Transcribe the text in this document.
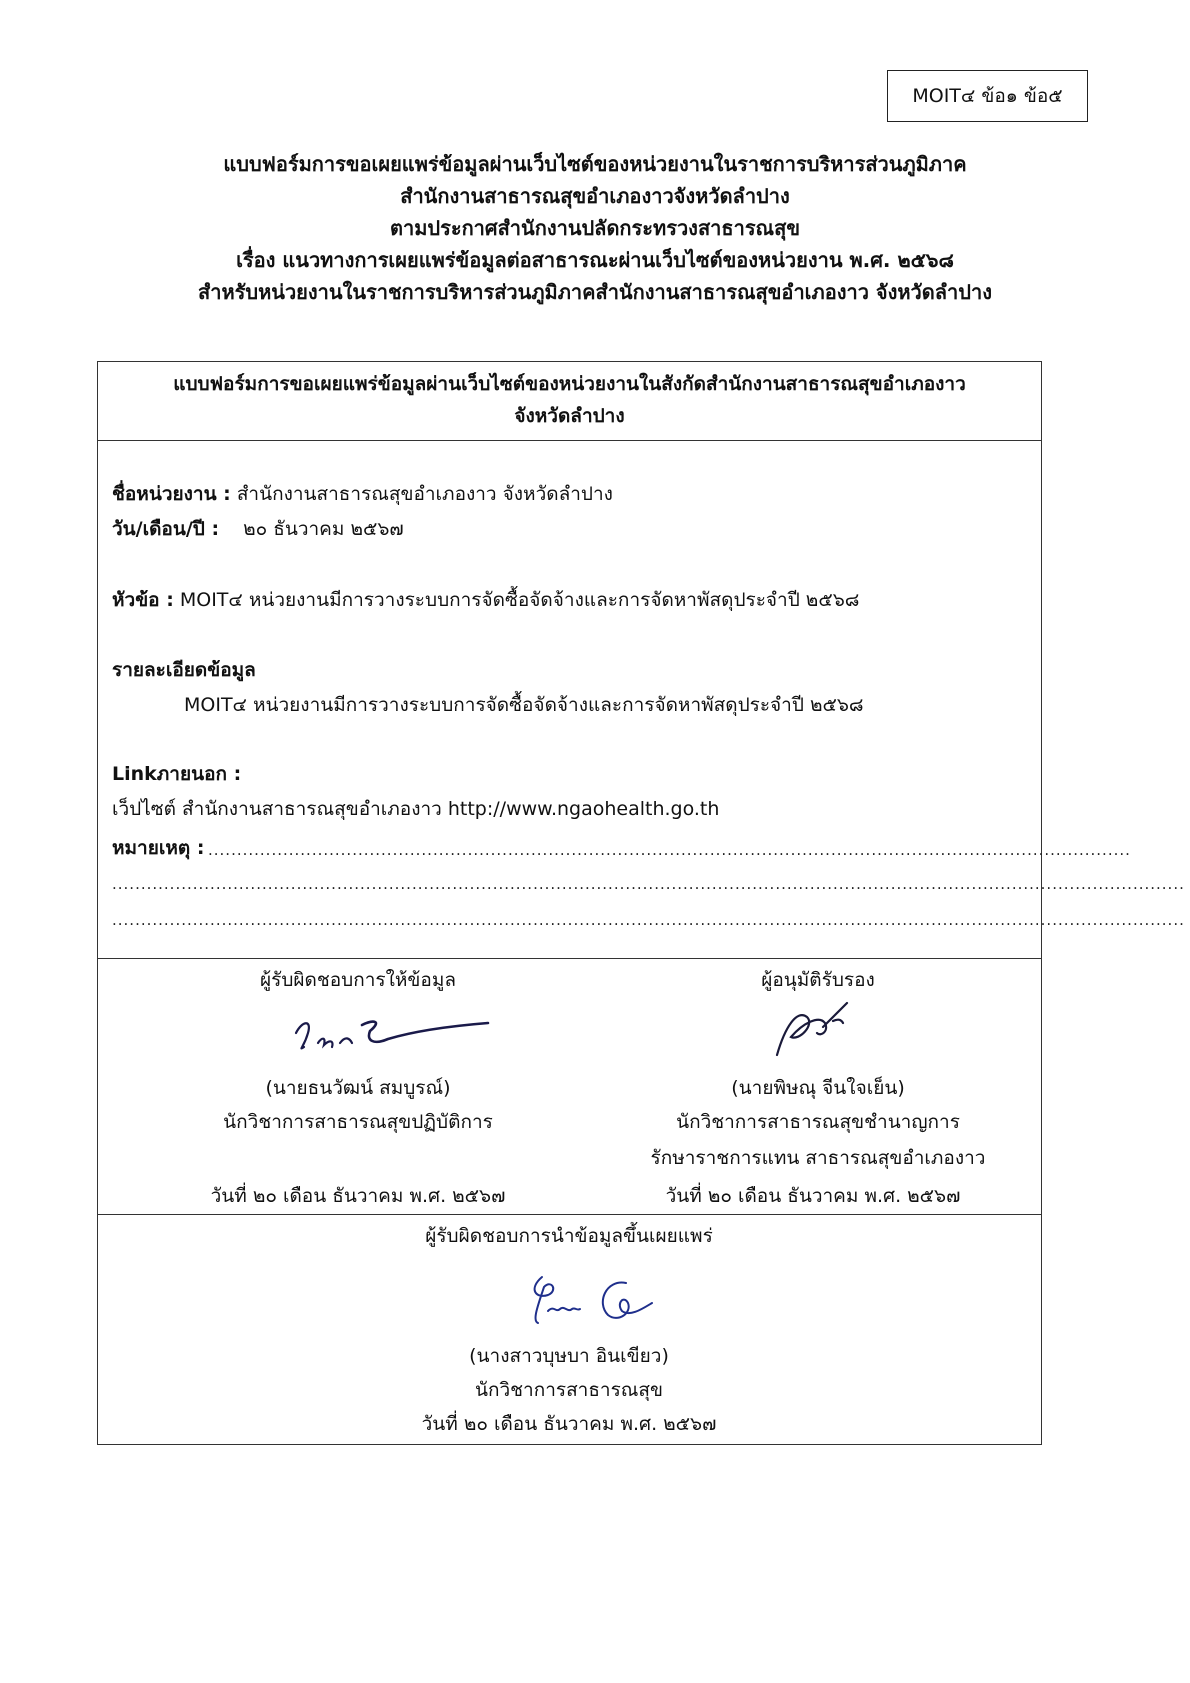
MOIT๔ ข้อ๑ ข้อ๕
แบบฟอร์มการขอเผยแพร่ข้อมูลผ่านเว็บไซต์ของหน่วยงานในราชการบริหารส่วนภูมิภาค
สำนักงานสาธารณสุขอำเภองาวจังหวัดลำปาง
ตามประกาศสำนักงานปลัดกระทรวงสาธารณสุข
เรื่อง แนวทางการเผยแพร่ข้อมูลต่อสาธารณะผ่านเว็บไซต์ของหน่วยงาน พ.ศ. ๒๕๖๘
สำหรับหน่วยงานในราชการบริหารส่วนภูมิภาคสำนักงานสาธารณสุขอำเภองาว จังหวัดลำปาง
แบบฟอร์มการขอเผยแพร่ข้อมูลผ่านเว็บไซต์ของหน่วยงานในสังกัดสำนักงานสาธารณสุขอำเภองาว
จังหวัดลำปาง
ชื่อหน่วยงาน : สำนักงานสาธารณสุขอำเภองาว จังหวัดลำปาง
วัน/เดือน/ปี : ๒๐ ธันวาคม ๒๕๖๗
หัวข้อ : MOIT๔ หน่วยงานมีการวางระบบการจัดซื้อจัดจ้างและการจัดหาพัสดุประจำปี ๒๕๖๘
รายละเอียดข้อมูล
MOIT๔ หน่วยงานมีการวางระบบการจัดซื้อจัดจ้างและการจัดหาพัสดุประจำปี ๒๕๖๘
Linkภายนอก :
เว็ปไซต์ สำนักงานสาธารณสุขอำเภองาว http://www.ngaohealth.go.th
หมายเหตุ : ................................................................................................................................................................
..........................................................................................................................................................................................
..........................................................................................................................................................................................
ผู้รับผิดชอบการให้ข้อมูล
(นายธนวัฒน์ สมบูรณ์)
นักวิชาการสาธารณสุขปฏิบัติการ
วันที่ ๒๐ เดือน ธันวาคม พ.ศ. ๒๕๖๗
ผู้อนุมัติรับรอง
(นายพิษณุ จีนใจเย็น)
นักวิชาการสาธารณสุขชำนาญการ
รักษาราชการแทน สาธารณสุขอำเภองาว
วันที่ ๒๐ เดือน ธันวาคม พ.ศ. ๒๕๖๗
ผู้รับผิดชอบการนำข้อมูลขึ้นเผยแพร่
(นางสาวบุษบา อินเขียว)
นักวิชาการสาธารณสุข
วันที่ ๒๐ เดือน ธันวาคม พ.ศ. ๒๕๖๗
